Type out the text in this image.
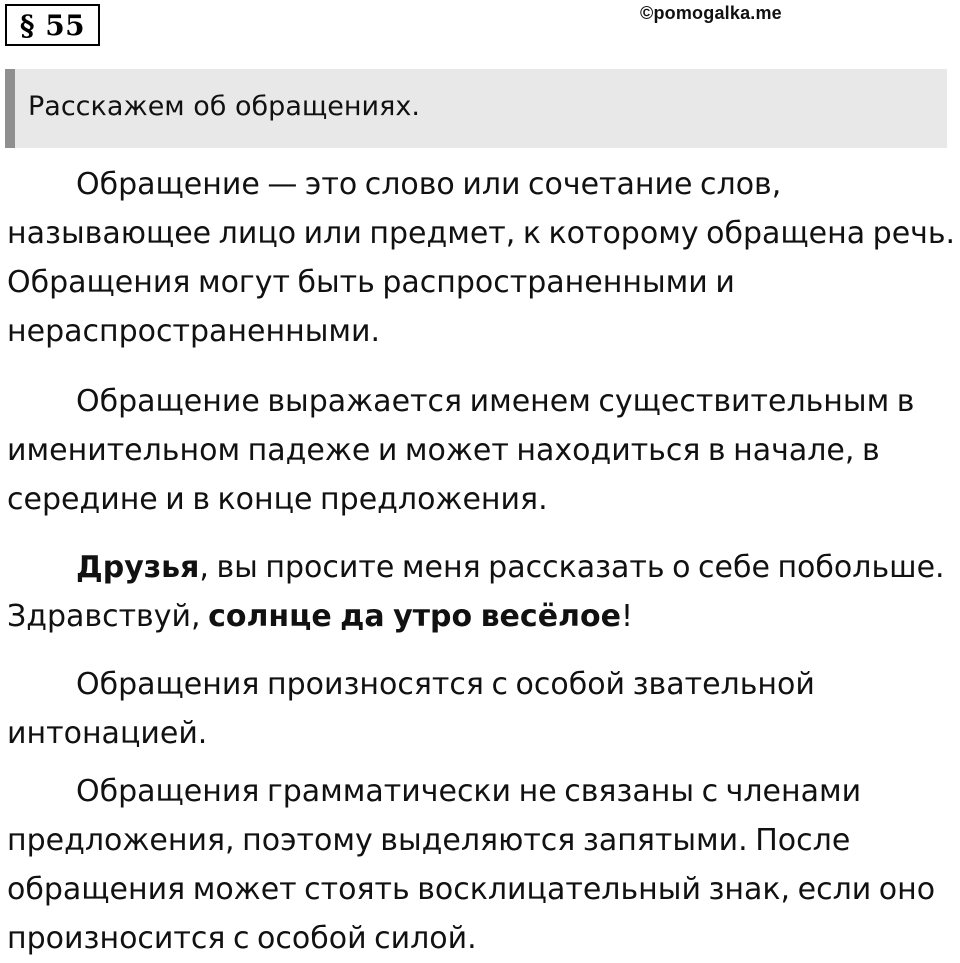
§ 55	©pomogalka.me
Расскажем об обращениях.
Обращение — это слово или сочетание слов,
называющее лицо или предмет, к которому обращена речь.
Обращения могут быть распространенными и
нераспространенными.
Обращение выражается именем существительным в
именительном падеже и может находиться в начале, в
середине и в конце предложения.
Друзья, вы просите меня рассказать о себе побольше.
Здравствуй, солнце да утро весёлое!
Обращения произносятся с особой звательной
интонацией.
Обращения грамматически не связаны с членами
предложения, поэтому выделяются запятыми. После
обращения может стоять восклицательный знак, если оно
произносится с особой силой.
